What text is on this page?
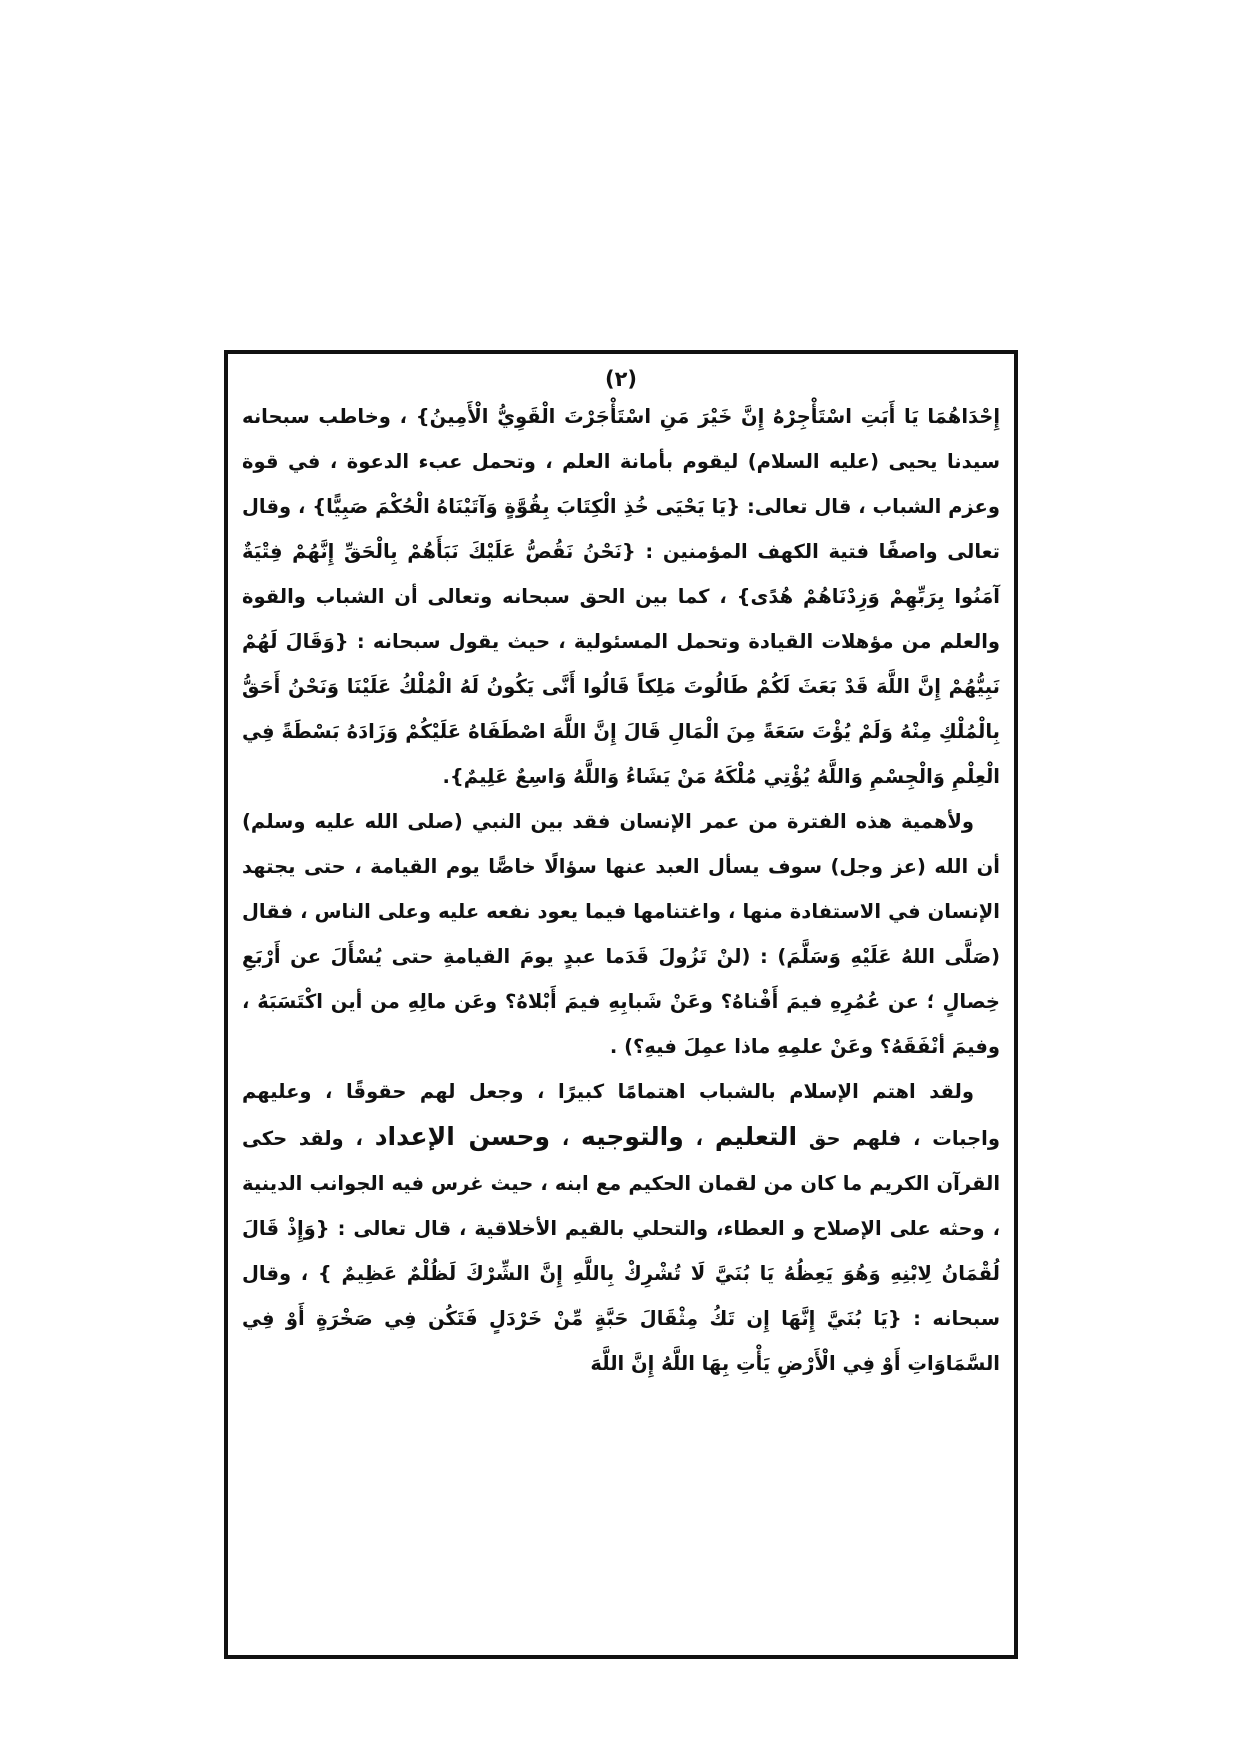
(٢)

إِحْدَاهُمَا يَا أَبَتِ اسْتَأْجِرْهُ إِنَّ خَيْرَ مَنِ اسْتَأْجَرْتَ الْقَوِيُّ الْأَمِينُ} ، وخاطب سبحانه سيدنا يحيى (عليه السلام) ليقوم بأمانة العلم ، وتحمل عبء الدعوة ، في قوة وعزم الشباب ، قال تعالى: {يَا يَحْيَى خُذِ الْكِتَابَ بِقُوَّةٍ وَآتَيْنَاهُ الْحُكْمَ صَبِيًّا} ، وقال تعالى واصفًا فتية الكهف المؤمنين : {نَحْنُ نَقُصُّ عَلَيْكَ نَبَأَهُمْ بِالْحَقِّ إِنَّهُمْ فِتْيَةٌ آمَنُوا بِرَبِّهِمْ وَزِدْنَاهُمْ هُدًى} ، كما بين الحق سبحانه وتعالى أن الشباب والقوة والعلم من مؤهلات القيادة وتحمل المسئولية ، حيث يقول سبحانه : {وَقَالَ لَهُمْ نَبِيُّهُمْ إِنَّ اللَّهَ قَدْ بَعَثَ لَكُمْ طَالُوتَ مَلِكاً قَالُوا أَنَّى يَكُونُ لَهُ الْمُلْكُ عَلَيْنَا وَنَحْنُ أَحَقُّ بِالْمُلْكِ مِنْهُ وَلَمْ يُؤْتَ سَعَةً مِنَ الْمَالِ قَالَ إِنَّ اللَّهَ اصْطَفَاهُ عَلَيْكُمْ وَزَادَهُ بَسْطَةً فِي الْعِلْمِ وَالْجِسْمِ وَاللَّهُ يُؤْتِي مُلْكَهُ مَنْ يَشَاءُ وَاللَّهُ وَاسِعٌ عَلِيمٌ}.

ولأهمية هذه الفترة من عمر الإنسان فقد بين النبي (صلى الله عليه وسلم) أن الله (عز وجل) سوف يسأل العبد عنها سؤالًا خاصًّا يوم القيامة ، حتى يجتهد الإنسان في الاستفادة منها ، واغتنامها فيما يعود نفعه عليه وعلى الناس ، فقال (صَلَّى اللهُ عَلَيْهِ وَسَلَّمَ) : (لنْ تَزُولَ قَدَما عبدٍ يومَ القيامةِ حتى يُسْأَلَ عن أَرْبَعِ خِصالٍ ؛ عن عُمُرِهِ فيمَ أَفْناهُ؟ وعَنْ شَبابِهِ فيمَ أَبْلاهُ؟ وعَن مالِهِ من أين اكْتَسَبَهُ ، وفيمَ أنْفَقَهُ؟ وعَنْ علمِهِ ماذا عمِلَ فيهِ؟) .

ولقد اهتم الإسلام بالشباب اهتمامًا كبيرًا ، وجعل لهم حقوقًا ، وعليهم واجبات ، فلهم حق التعليم ، والتوجيه ، وحسن الإعداد ، ولقد حكى القرآن الكريم ما كان من لقمان الحكيم مع ابنه ، حيث غرس فيه الجوانب الدينية ، وحثه على الإصلاح و العطاء، والتحلي بالقيم الأخلاقية ، قال تعالى : {وَإِذْ قَالَ لُقْمَانُ لِابْنِهِ وَهُوَ يَعِظُهُ يَا بُنَيَّ لَا تُشْرِكْ بِاللَّهِ إِنَّ الشِّرْكَ لَظُلْمٌ عَظِيمٌ } ، وقال سبحانه : {يَا بُنَيَّ إِنَّهَا إِن تَكُ مِثْقَالَ حَبَّةٍ مِّنْ خَرْدَلٍ فَتَكُن فِي صَخْرَةٍ أَوْ فِي السَّمَاوَاتِ أَوْ فِي الْأَرْضِ يَأْتِ بِهَا اللَّهُ إِنَّ اللَّهَ
